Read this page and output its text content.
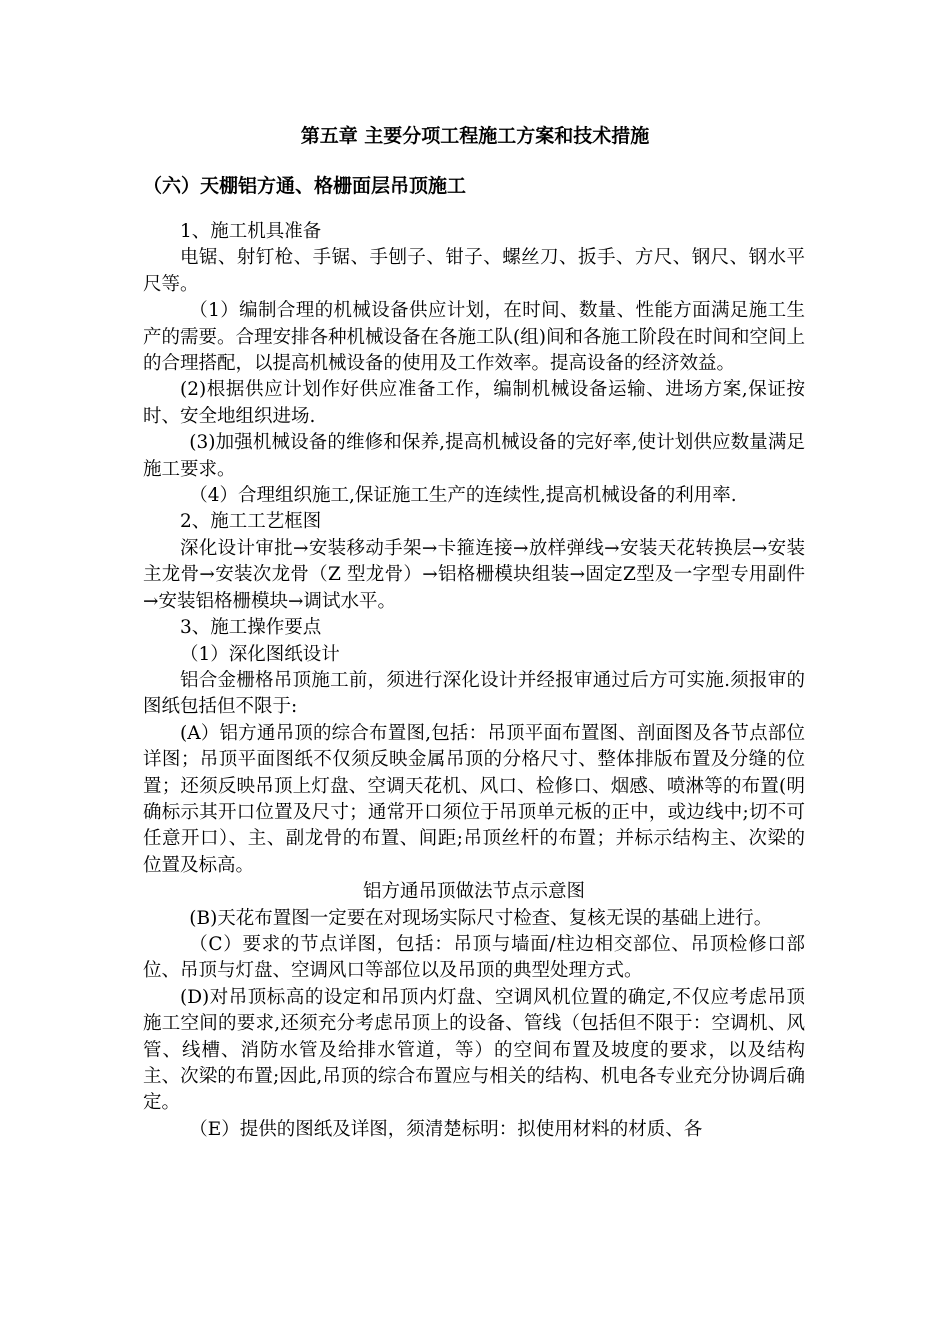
第五章 主要分项工程施工方案和技术措施
（六）天棚铝方通、格栅面层吊顶施工

1、施工机具准备

电锯、射钉枪、手锯、手刨子、钳子、螺丝刀、扳手、方尺、钢尺、钢水平尺等。

（1）编制合理的机械设备供应计划，在时间、数量、性能方面满足施工生产的需要。合理安排各种机械设备在各施工队(组)间和各施工阶段在时间和空间上的合理搭配，以提高机械设备的使用及工作效率。提高设备的经济效益。

(2)根据供应计划作好供应准备工作，编制机械设备运输、进场方案,保证按时、安全地组织进场.

(3)加强机械设备的维修和保养,提高机械设备的完好率,使计划供应数量满足施工要求。

（4）合理组织施工,保证施工生产的连续性,提高机械设备的利用率.

2、施工工艺框图

深化设计审批→安装移动手架→卡箍连接→放样弹线→安装天花转换层→安装主龙骨→安装次龙骨（Z 型龙骨）→铝格栅模块组装→固定Z型及一字型专用副件→安装铝格栅模块→调试水平。

3、施工操作要点

（1）深化图纸设计

铝合金栅格吊顶施工前，须进行深化设计并经报审通过后方可实施.须报审的图纸包括但不限于:

(A）铝方通吊顶的综合布置图,包括：吊顶平面布置图、剖面图及各节点部位详图；吊顶平面图纸不仅须反映金属吊顶的分格尺寸、整体排版布置及分缝的位置；还须反映吊顶上灯盘、空调天花机、风口、检修口、烟感、喷淋等的布置(明确标示其开口位置及尺寸；通常开口须位于吊顶单元板的正中，或边线中;切不可任意开口）、主、副龙骨的布置、间距;吊顶丝杆的布置；并标示结构主、次梁的位置及标高。

铝方通吊顶做法节点示意图

(B)天花布置图一定要在对现场实际尺寸检查、复核无误的基础上进行。

（C）要求的节点详图，包括：吊顶与墙面/柱边相交部位、吊顶检修口部位、吊顶与灯盘、空调风口等部位以及吊顶的典型处理方式。

(D)对吊顶标高的设定和吊顶内灯盘、空调风机位置的确定,不仅应考虑吊顶施工空间的要求,还须充分考虑吊顶上的设备、管线（包括但不限于：空调机、风管、线槽、消防水管及给排水管道，等）的空间布置及坡度的要求，以及结构主、次梁的布置;因此,吊顶的综合布置应与相关的结构、机电各专业充分协调后确定。

（E）提供的图纸及详图，须清楚标明：拟使用材料的材质、各
